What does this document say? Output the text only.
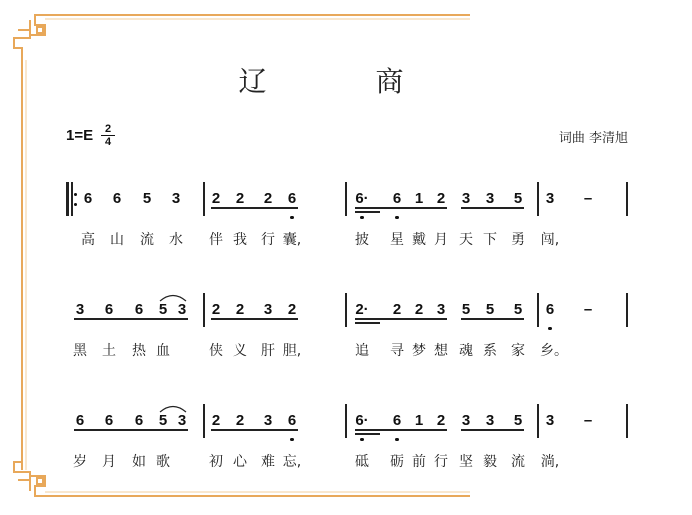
辽 商
1=E	2
4	词曲 李清旭
6 6 5 3 2 2 2 6	6· 6 1 2 3 3 5 3 –
高 山 流 水 伴 我 行 囊,	披 星 戴 月 天 下 勇 闯,
3 6 6 5 3 2 2 3 2	2· 2 2 3 5 5 5 6 –
黑 土 热 血	侠 义 肝 胆,	追 寻 梦 想 魂 系 家 乡。
6 6 6 5 3 2 2 3 6	6· 6 1 2 3 3 5 3 –
岁 月 如 歌	初 心 难 忘,	砥 砺 前 行 坚 毅 流 淌,
